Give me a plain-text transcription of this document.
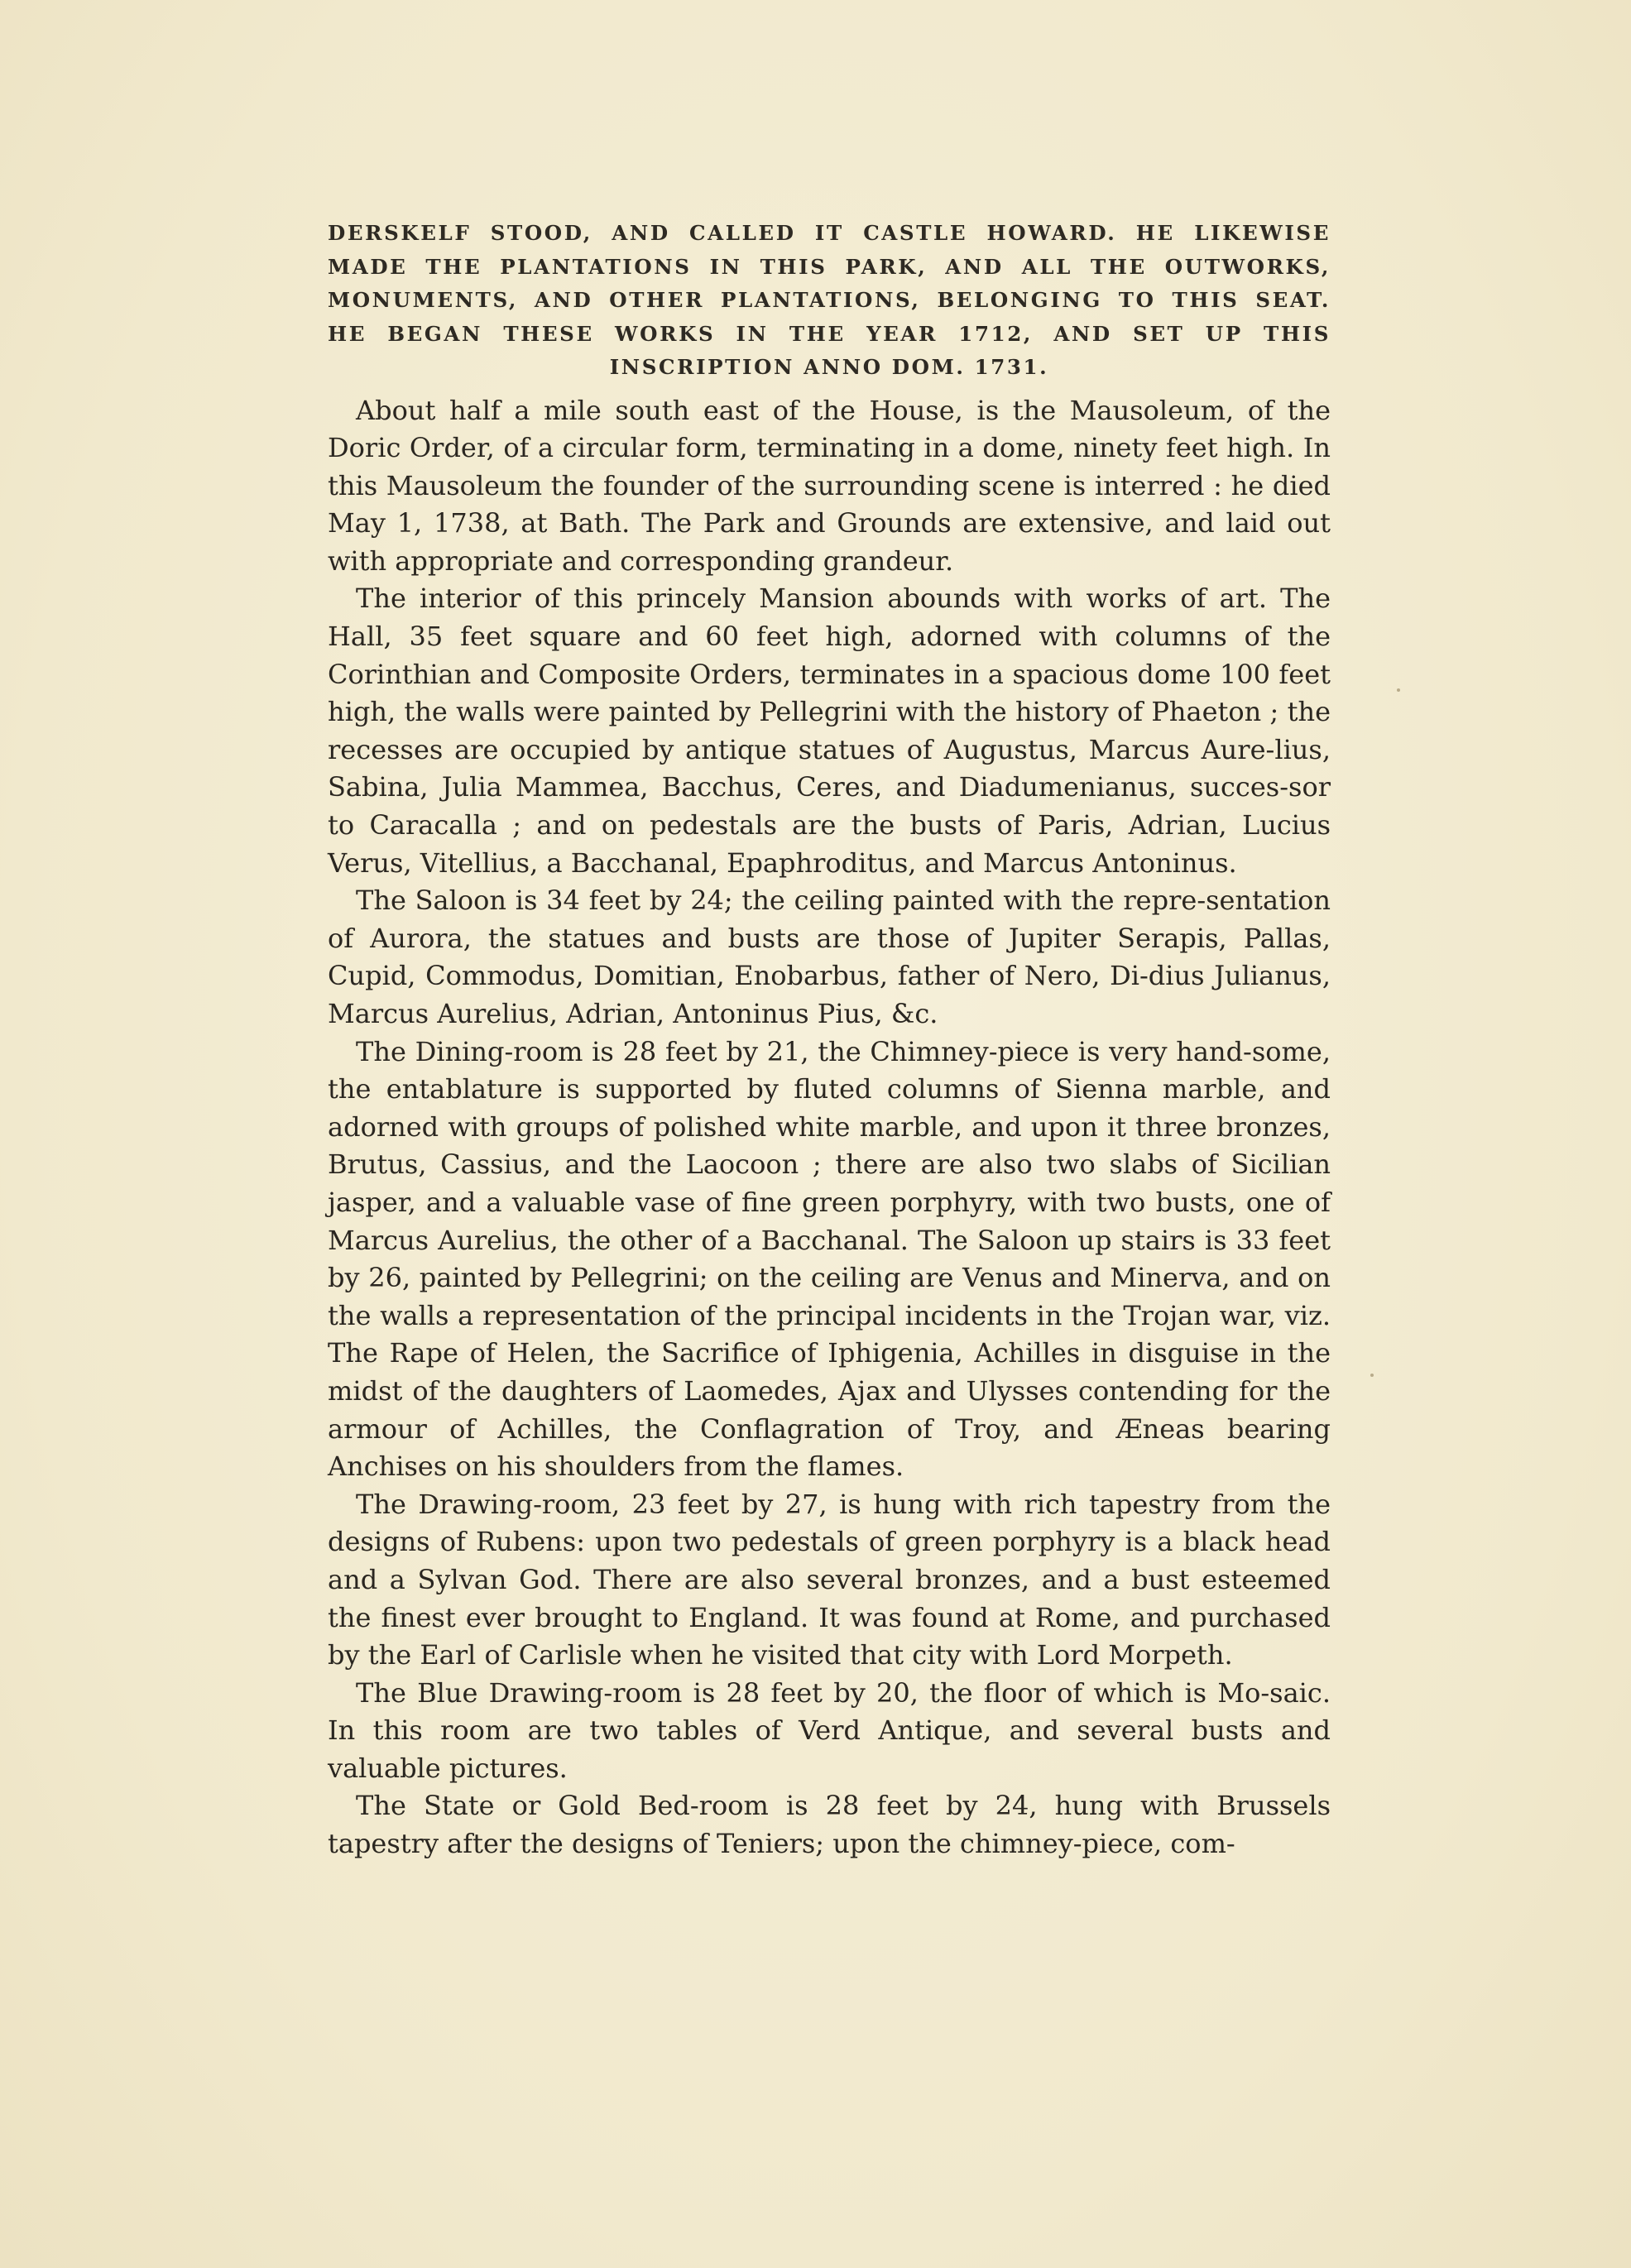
DERSKELF STOOD, AND CALLED IT CASTLE HOWARD. HE LIKEWISE

MADE THE PLANTATIONS IN THIS PARK, AND ALL THE OUTWORKS,

MONUMENTS, AND OTHER PLANTATIONS, BELONGING TO THIS SEAT.

HE BEGAN THESE WORKS IN THE YEAR 1712, AND SET UP THIS

INSCRIPTION ANNO DOM. 1731.

About half a mile south east of the House, is the Mausoleum, of the Doric Order, of a circular form, terminating in a dome, ninety feet high. In this Mausoleum the founder of the surrounding scene is interred : he died May 1, 1738, at Bath. The Park and Grounds are extensive, and laid out with appropriate and corresponding grandeur.

The interior of this princely Mansion abounds with works of art. The Hall, 35 feet square and 60 feet high, adorned with columns of the Corinthian and Composite Orders, terminates in a spacious dome 100 feet high, the walls were painted by Pellegrini with the history of Phaeton ; the recesses are occupied by antique statues of Augustus, Marcus Aure-lius, Sabina, Julia Mammea, Bacchus, Ceres, and Diadumenianus, succes-sor to Caracalla ; and on pedestals are the busts of Paris, Adrian, Lucius Verus, Vitellius, a Bacchanal, Epaphroditus, and Marcus Antoninus.

The Saloon is 34 feet by 24; the ceiling painted with the repre-sentation of Aurora, the statues and busts are those of Jupiter Serapis, Pallas, Cupid, Commodus, Domitian, Enobarbus, father of Nero, Di-dius Julianus, Marcus Aurelius, Adrian, Antoninus Pius, &c.

The Dining-room is 28 feet by 21, the Chimney-piece is very hand-some, the entablature is supported by fluted columns of Sienna marble, and adorned with groups of polished white marble, and upon it three bronzes, Brutus, Cassius, and the Laocoon ; there are also two slabs of Sicilian jasper, and a valuable vase of fine green porphyry, with two busts, one of Marcus Aurelius, the other of a Bacchanal. The Saloon up stairs is 33 feet by 26, painted by Pellegrini; on the ceiling are Venus and Minerva, and on the walls a representation of the principal incidents in the Trojan war, viz. The Rape of Helen, the Sacrifice of Iphigenia, Achilles in disguise in the midst of the daughters of Laomedes, Ajax and Ulysses contending for the armour of Achilles, the Conflagration of Troy, and Æneas bearing Anchises on his shoulders from the flames.

The Drawing-room, 23 feet by 27, is hung with rich tapestry from the designs of Rubens: upon two pedestals of green porphyry is a black head and a Sylvan God. There are also several bronzes, and a bust esteemed the finest ever brought to England. It was found at Rome, and purchased by the Earl of Carlisle when he visited that city with Lord Morpeth.

The Blue Drawing-room is 28 feet by 20, the floor of which is Mo-saic. In this room are two tables of Verd Antique, and several busts and valuable pictures.

The State or Gold Bed-room is 28 feet by 24, hung with Brussels tapestry after the designs of Teniers; upon the chimney-piece, com-
